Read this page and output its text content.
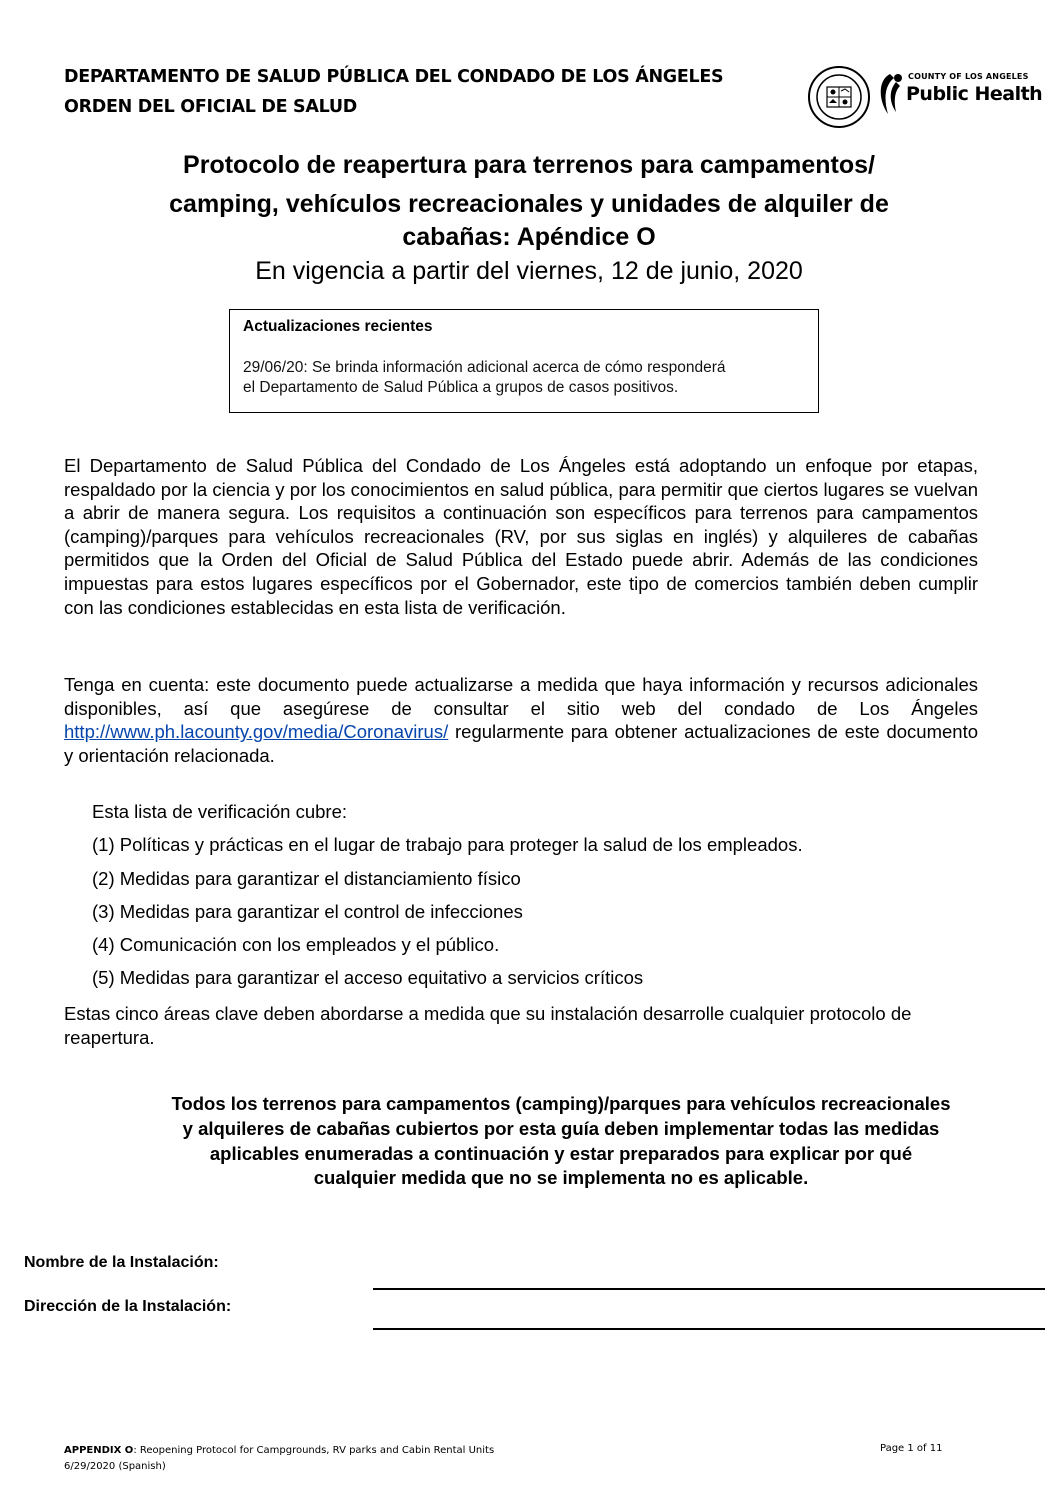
DEPARTAMENTO DE SALUD PÚBLICA DEL CONDADO DE LOS ÁNGELES
ORDEN DEL OFICIAL DE SALUD
COUNTY OF LOS ANGELES
Public Health
Protocolo de reapertura para terrenos para campamentos/
camping, vehículos recreacionales y unidades de alquiler de
cabañas: Apéndice O
En vigencia a partir del viernes, 12 de junio, 2020
Actualizaciones recientes
29/06/20: Se brinda información adicional acerca de cómo responderá
el Departamento de Salud Pública a grupos de casos positivos.
El Departamento de Salud Pública del Condado de Los Ángeles está adoptando un enfoque por etapas, respaldado por la ciencia y por los conocimientos en salud pública, para permitir que ciertos lugares se vuelvan a abrir de manera segura. Los requisitos a continuación son específicos para terrenos para campamentos (camping)/parques para vehículos recreacionales (RV, por sus siglas en inglés) y alquileres de cabañas permitidos que la Orden del Oficial de Salud Pública del Estado puede abrir. Además de las condiciones impuestas para estos lugares específicos por el Gobernador, este tipo de comercios también deben cumplir con las condiciones establecidas en esta lista de verificación.
Tenga en cuenta: este documento puede actualizarse a medida que haya información y recursos adicionales disponibles, así que asegúrese de consultar el sitio web del condado de Los Ángeles http://www.ph.lacounty.gov/media/Coronavirus/ regularmente para obtener actualizaciones de este documento y orientación relacionada.
Esta lista de verificación cubre:
(1) Políticas y prácticas en el lugar de trabajo para proteger la salud de los empleados.
(2) Medidas para garantizar el distanciamiento físico
(3) Medidas para garantizar el control de infecciones
(4) Comunicación con los empleados y el público.
(5) Medidas para garantizar el acceso equitativo a servicios críticos
Estas cinco áreas clave deben abordarse a medida que su instalación desarrolle cualquier protocolo de reapertura.
Todos los terrenos para campamentos (camping)/parques para vehículos recreacionales
y alquileres de cabañas cubiertos por esta guía deben implementar todas las medidas
aplicables enumeradas a continuación y estar preparados para explicar por qué
cualquier medida que no se implementa no es aplicable.
Nombre de la Instalación:
Dirección de la Instalación:
APPENDIX O: Reopening Protocol for Campgrounds, RV parks and Cabin Rental Units
6/29/2020 (Spanish)
Page 1 of 11
